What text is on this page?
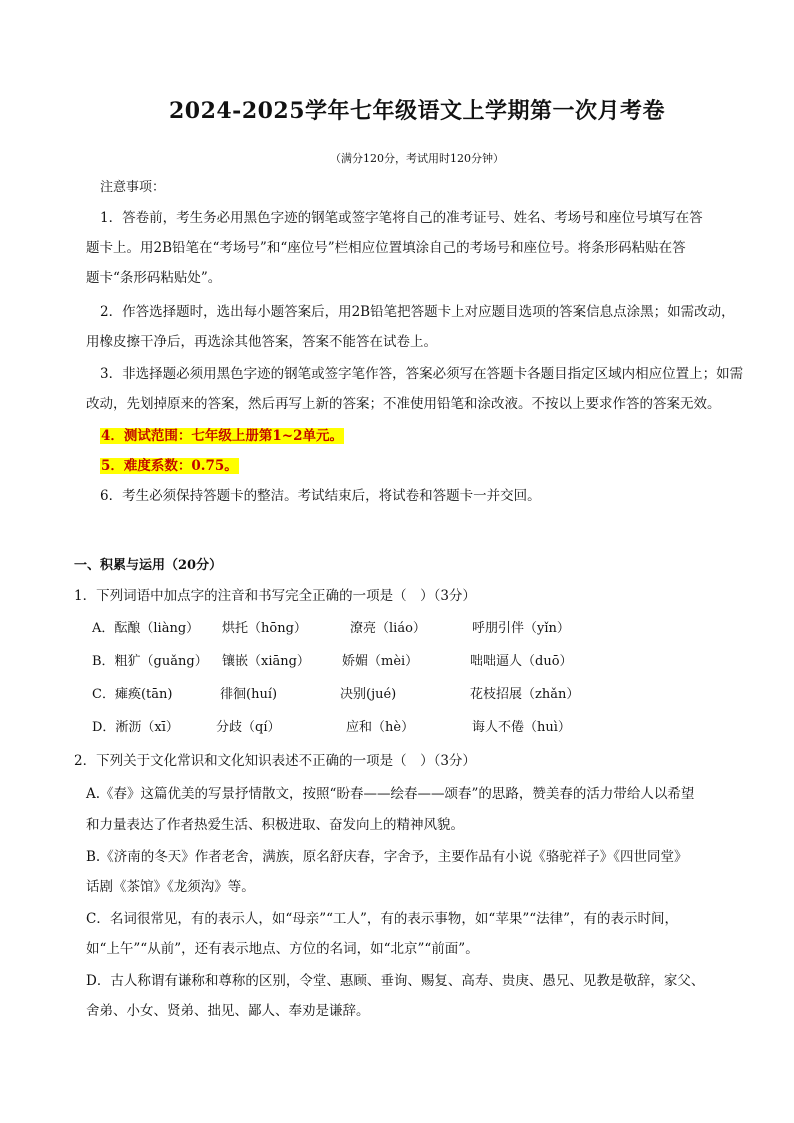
2024-2025学年七年级语文上学期第一次月考卷
（满分120分，考试用时120分钟）
注意事项：
1．答卷前，考生务必用黑色字迹的钢笔或签字笔将自己的准考证号、姓名、考场号和座位号填写在答
题卡上。用2B铅笔在“考场号”和“座位号”栏相应位置填涂自己的考场号和座位号。将条形码粘贴在答
题卡“条形码粘贴处”。
2．作答选择题时，选出每小题答案后，用2B铅笔把答题卡上对应题目选项的答案信息点涂黑；如需改动，
用橡皮擦干净后，再选涂其他答案，答案不能答在试卷上。
3．非选择题必须用黑色字迹的钢笔或签字笔作答，答案必须写在答题卡各题目指定区域内相应位置上；如需
改动，先划掉原来的答案，然后再写上新的答案；不准使用铅笔和涂改液。不按以上要求作答的答案无效。
4．测试范围：七年级上册第1~2单元。
5．难度系数：0.75。
6．考生必须保持答题卡的整洁。考试结束后，将试卷和答题卡一并交回。
一、积累与运用（20分）
1．下列词语中加点字的注音和书写完全正确的一项是（　）（3分）
A．酝酿（liàng） 烘托（hōng）	潦亮（liáo）	呼朋引伴（yǐn）
B．粗犷（guǎng） 镶嵌（xiāng） 娇媚（mèi）	咄咄逼人（duō）
C．瘫痪(tān)	徘徊(huí)	决别(jué)	花枝招展（zhǎn）
D．淅沥（xī）	分歧（qí）	应和（hè）	诲人不倦（huì）
2．下列关于文化常识和文化知识表述不正确的一项是（　）（3分）
A.《春》这篇优美的写景抒情散文，按照“盼春——绘春——颂春”的思路，赞美春的活力带给人以希望
和力量表达了作者热爱生活、积极进取、奋发向上的精神风貌。
B.《济南的冬天》作者老舍，满族，原名舒庆春，字舍予，主要作品有小说《骆驼祥子》《四世同堂》
话剧《茶馆》《龙须沟》等。
C．名词很常见，有的表示人，如“母亲”“工人”，有的表示事物，如“苹果”“法律”，有的表示时间，
如“上午”“从前”，还有表示地点、方位的名词，如“北京”“前面”。
D．古人称谓有谦称和尊称的区别，令堂、惠顾、垂询、赐复、高寿、贵庚、愚兄、见教是敬辞，家父、
舍弟、小女、贤弟、拙见、鄙人、奉劝是谦辞。
